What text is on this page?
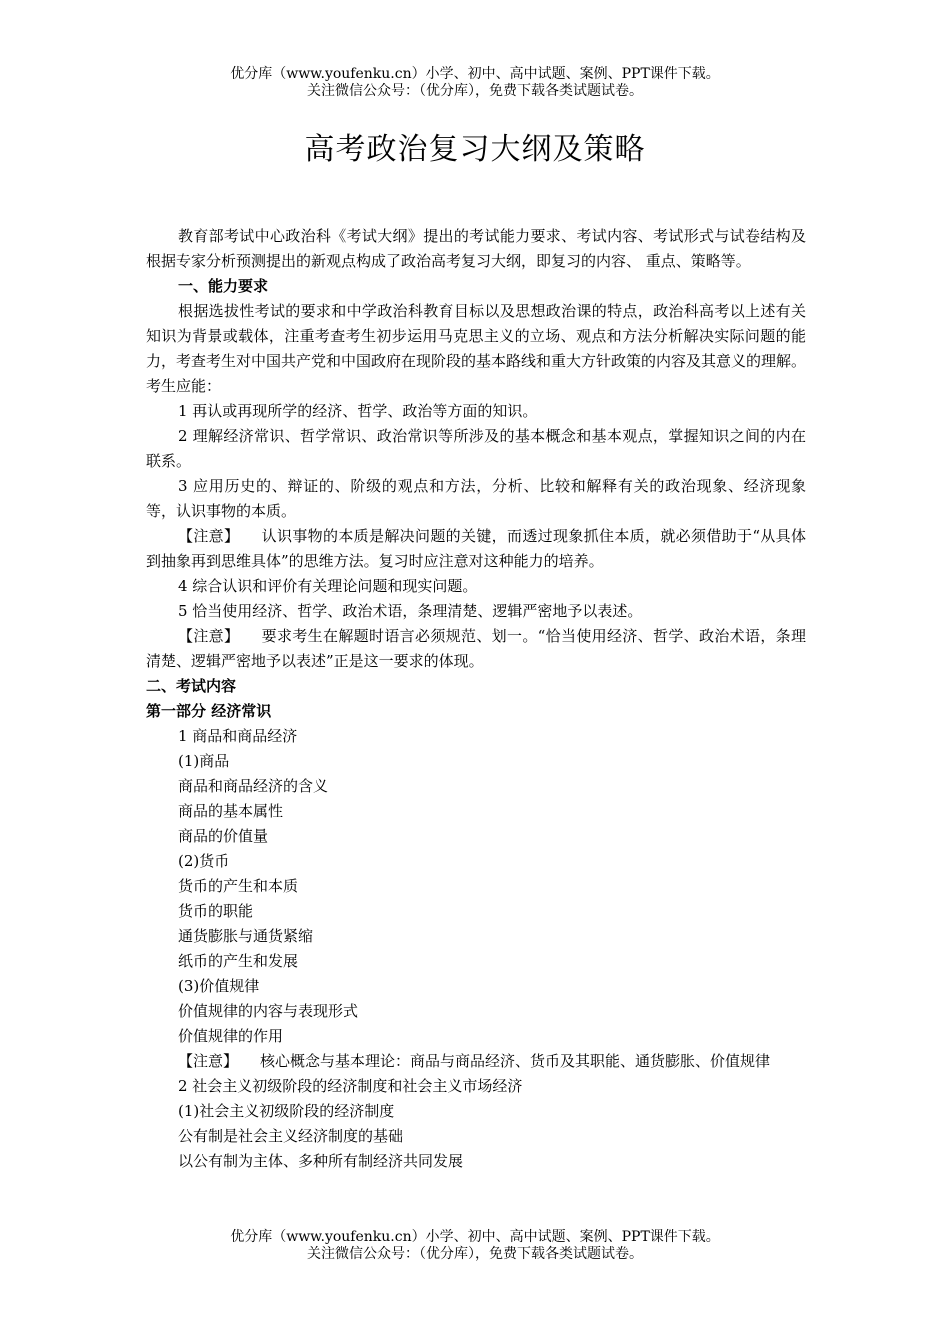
优分库（www.youfenku.cn）小学、初中、高中试题、案例、PPT课件下载。
关注微信公众号：（优分库），免费下载各类试题试卷。
高考政治复习大纲及策略

教育部考试中心政治科《考试大纲》提出的考试能力要求、考试内容、考试形式与试卷结构及根据专家分析预测提出的新观点构成了政治高考复习大纲，即复习的内容、 重点、策略等。

一、能力要求

根据选拔性考试的要求和中学政治科教育目标以及思想政治课的特点，政治科高考以上述有关知识为背景或载体，注重考查考生初步运用马克思主义的立场、观点和方法分析解决实际问题的能力，考查考生对中国共产党和中国政府在现阶段的基本路线和重大方针政策的内容及其意义的理解。考生应能：

1 再认或再现所学的经济、哲学、政治等方面的知识。

2 理解经济常识、哲学常识、政治常识等所涉及的基本概念和基本观点，掌握知识之间的内在联系。

3 应用历史的、辩证的、阶级的观点和方法，分析、比较和解释有关的政治现象、经济现象等，认识事物的本质。

【注意】 认识事物的本质是解决问题的关键，而透过现象抓住本质，就必须借助于“从具体到抽象再到思维具体”的思维方法。复习时应注意对这种能力的培养。

4 综合认识和评价有关理论问题和现实问题。

5 恰当使用经济、哲学、政治术语，条理清楚、逻辑严密地予以表述。

【注意】 要求考生在解题时语言必须规范、划一。“恰当使用经济、哲学、政治术语，条理清楚、逻辑严密地予以表述”正是这一要求的体现。

二、考试内容

第一部分 经济常识

1 商品和商品经济

(1)商品

商品和商品经济的含义

商品的基本属性

商品的价值量

(2)货币

货币的产生和本质

货币的职能

通货膨胀与通货紧缩

纸币的产生和发展

(3)价值规律

价值规律的内容与表现形式

价值规律的作用

【注意】 核心概念与基本理论：商品与商品经济、货币及其职能、通货膨胀、价值规律

2 社会主义初级阶段的经济制度和社会主义市场经济

(1)社会主义初级阶段的经济制度

公有制是社会主义经济制度的基础

以公有制为主体、多种所有制经济共同发展

优分库（www.youfenku.cn）小学、初中、高中试题、案例、PPT课件下载。
关注微信公众号：（优分库），免费下载各类试题试卷。
